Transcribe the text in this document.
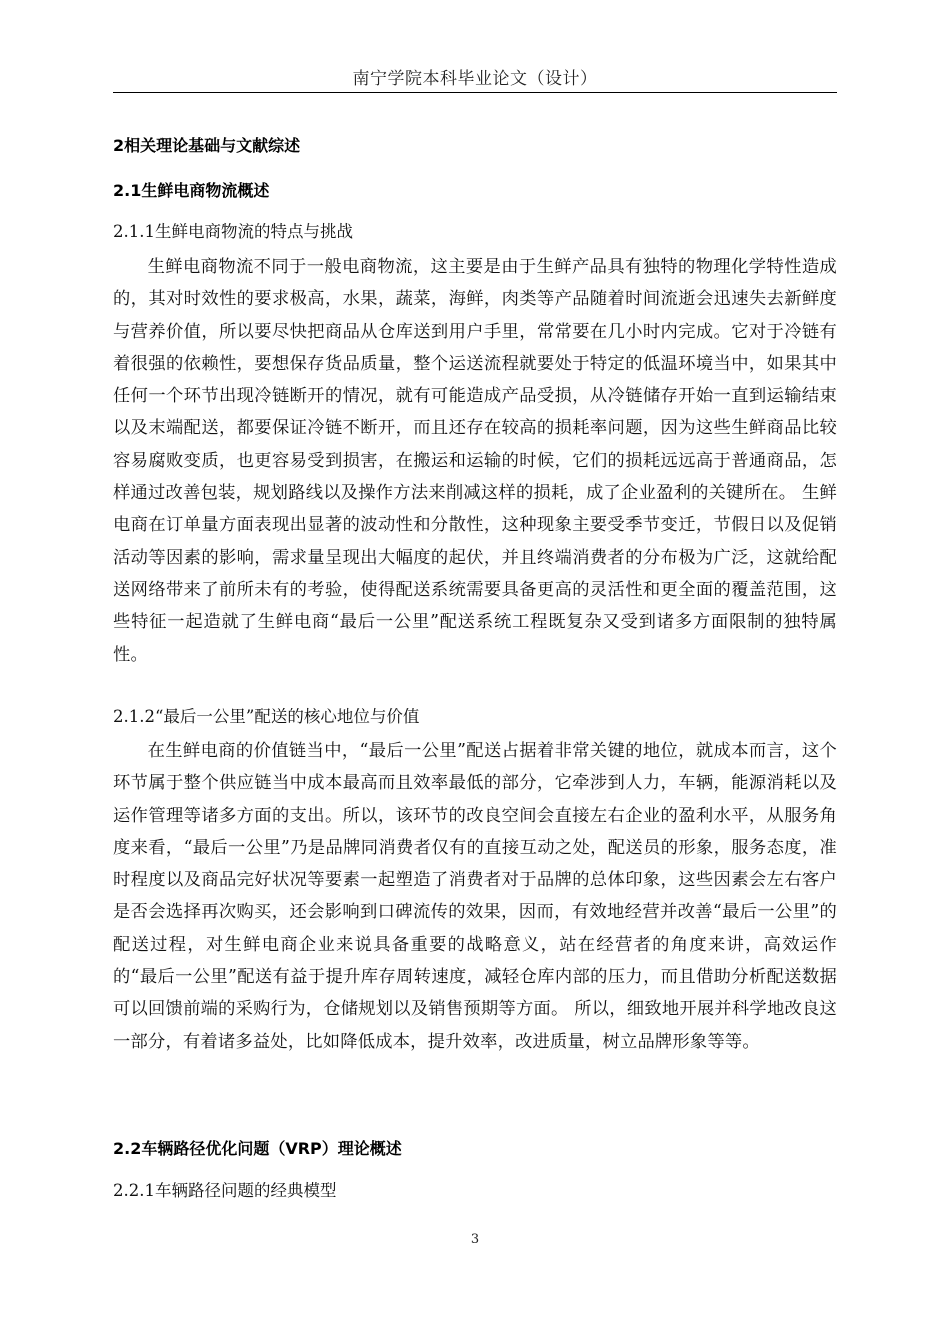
南宁学院本科毕业论文（设计）
2相关理论基础与文献综述
2.1生鲜电商物流概述
2.1.1生鲜电商物流的特点与挑战
生鲜电商物流不同于一般电商物流，这主要是由于生鲜产品具有独特的物理化学特性造成的，其对时效性的要求极高，水果，蔬菜，海鲜，肉类等产品随着时间流逝会迅速失去新鲜度与营养价值，所以要尽快把商品从仓库送到用户手里，常常要在几小时内完成。它对于冷链有着很强的依赖性，要想保存货品质量，整个运送流程就要处于特定的低温环境当中，如果其中任何一个环节出现冷链断开的情况，就有可能造成产品受损，从冷链储存开始一直到运输结束以及末端配送，都要保证冷链不断开，而且还存在较高的损耗率问题，因为这些生鲜商品比较容易腐败变质，也更容易受到损害，在搬运和运输的时候，它们的损耗远远高于普通商品，怎样通过改善包装，规划路线以及操作方法来削减这样的损耗，成了企业盈利的关键所在。 生鲜电商在订单量方面表现出显著的波动性和分散性，这种现象主要受季节变迁，节假日以及促销活动等因素的影响，需求量呈现出大幅度的起伏，并且终端消费者的分布极为广泛，这就给配送网络带来了前所未有的考验，使得配送系统需要具备更高的灵活性和更全面的覆盖范围，这些特征一起造就了生鲜电商“最后一公里”配送系统工程既复杂又受到诸多方面限制的独特属性。
2.1.2“最后一公里”配送的核心地位与价值
在生鲜电商的价值链当中，“最后一公里”配送占据着非常关键的地位，就成本而言，这个环节属于整个供应链当中成本最高而且效率最低的部分，它牵涉到人力，车辆，能源消耗以及运作管理等诸多方面的支出。所以，该环节的改良空间会直接左右企业的盈利水平，从服务角度来看，“最后一公里”乃是品牌同消费者仅有的直接互动之处，配送员的形象，服务态度，准时程度以及商品完好状况等要素一起塑造了消费者对于品牌的总体印象，这些因素会左右客户是否会选择再次购买，还会影响到口碑流传的效果，因而，有效地经营并改善“最后一公里”的配送过程，对生鲜电商企业来说具备重要的战略意义，站在经营者的角度来讲，高效运作的“最后一公里”配送有益于提升库存周转速度，减轻仓库内部的压力，而且借助分析配送数据可以回馈前端的采购行为，仓储规划以及销售预期等方面。 所以，细致地开展并科学地改良这一部分，有着诸多益处，比如降低成本，提升效率，改进质量，树立品牌形象等等。
2.2车辆路径优化问题（VRP）理论概述
2.2.1车辆路径问题的经典模型
3
